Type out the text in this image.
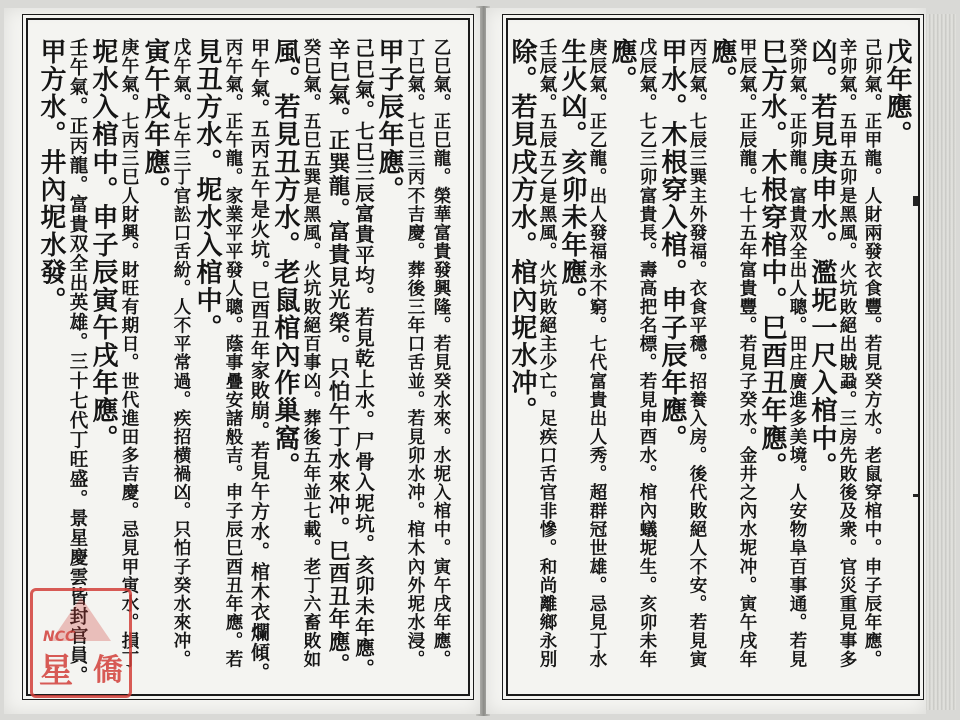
戊年應。
己卯氣。正甲龍。人財兩發衣食豐。若見癸方水。老鼠穿棺中。申子辰年應。
辛卯氣。五甲五卯是黑風。火坑敗絕出賊蝨。三房先敗後及衆。官災重見事多
凶。若見庚申水。濫坭一尺入棺中。
癸卯氣。正卯龍。富貴双全出人聰。田庄廣進多美境。人安物阜百事通。若見
巳方水。木根穿棺中。巳酉丑年應。
甲辰氣。正辰龍。七十五年富貴豐。若見子癸水。金井之內水坭冲。寅午戌年
應。
丙辰氣。七辰三巽主外發福。衣食平穩。招養入房。後代敗絕人不安。若見寅
甲水。木根穿入棺。申子辰年應。
戊辰氣。七乙三卯富貴長。壽高把名標。若見申酉水。棺內蟻坭生。亥卯未年
應。
庚辰氣。正乙龍。出人發福永不窮。七代富貴出人秀。超群冠世雄。忌見丁水
生火凶。亥卯未年應。
壬辰氣。五辰五乙是黑風。火坑敗絕主少亡。足疾口舌官非慘。和尚離鄉永別
除。若見戌方水。棺內坭水冲。
乙巳氣。正巳龍。榮華富貴發興隆。若見癸水來。水坭入棺中。寅午戌年應。
丁巳氣。七巳三丙不吉慶。葬後三年口舌並。若見卯水冲。棺木內外坭水浸。
甲子辰年應。
己巳氣。七巳三辰富貴平均。若見乾上水。尸骨入坭坑。亥卯未年應。
辛巳氣。正巽龍。富貴見光榮。只怕午丁水來冲。巳酉丑年應。
癸巳氣。五巳五巽是黑風。火坑敗絕百事凶。葬後五年並七載。老丁六畜敗如
風。若見丑方水。老鼠棺內作巢窩。
甲午氣。五丙五午是火坑。巳酉丑年家敗崩。若見午方水。棺木衣爛傾。
丙午氣。正午龍。家業平平發人聰。蔭事疊安諸般吉。申子辰巳酉丑年應。若
見丑方水。坭水入棺中。
戊午氣。七午三丁官訟口舌紛。人不平常過。疾招横禍凶。只怕子癸水來冲。
寅午戌年應。
庚午氣。七丙三巳人財興。財旺有期日。世代進田多吉慶。忌見甲寅水。損丁
坭水入棺中。申子辰寅午戌年應。
壬午氣。正丙龍。富貴双全出英雄。三十七代丁旺盛。景星慶雲皆封官員。
甲方水。井內坭水發。
NCC
星 僑
